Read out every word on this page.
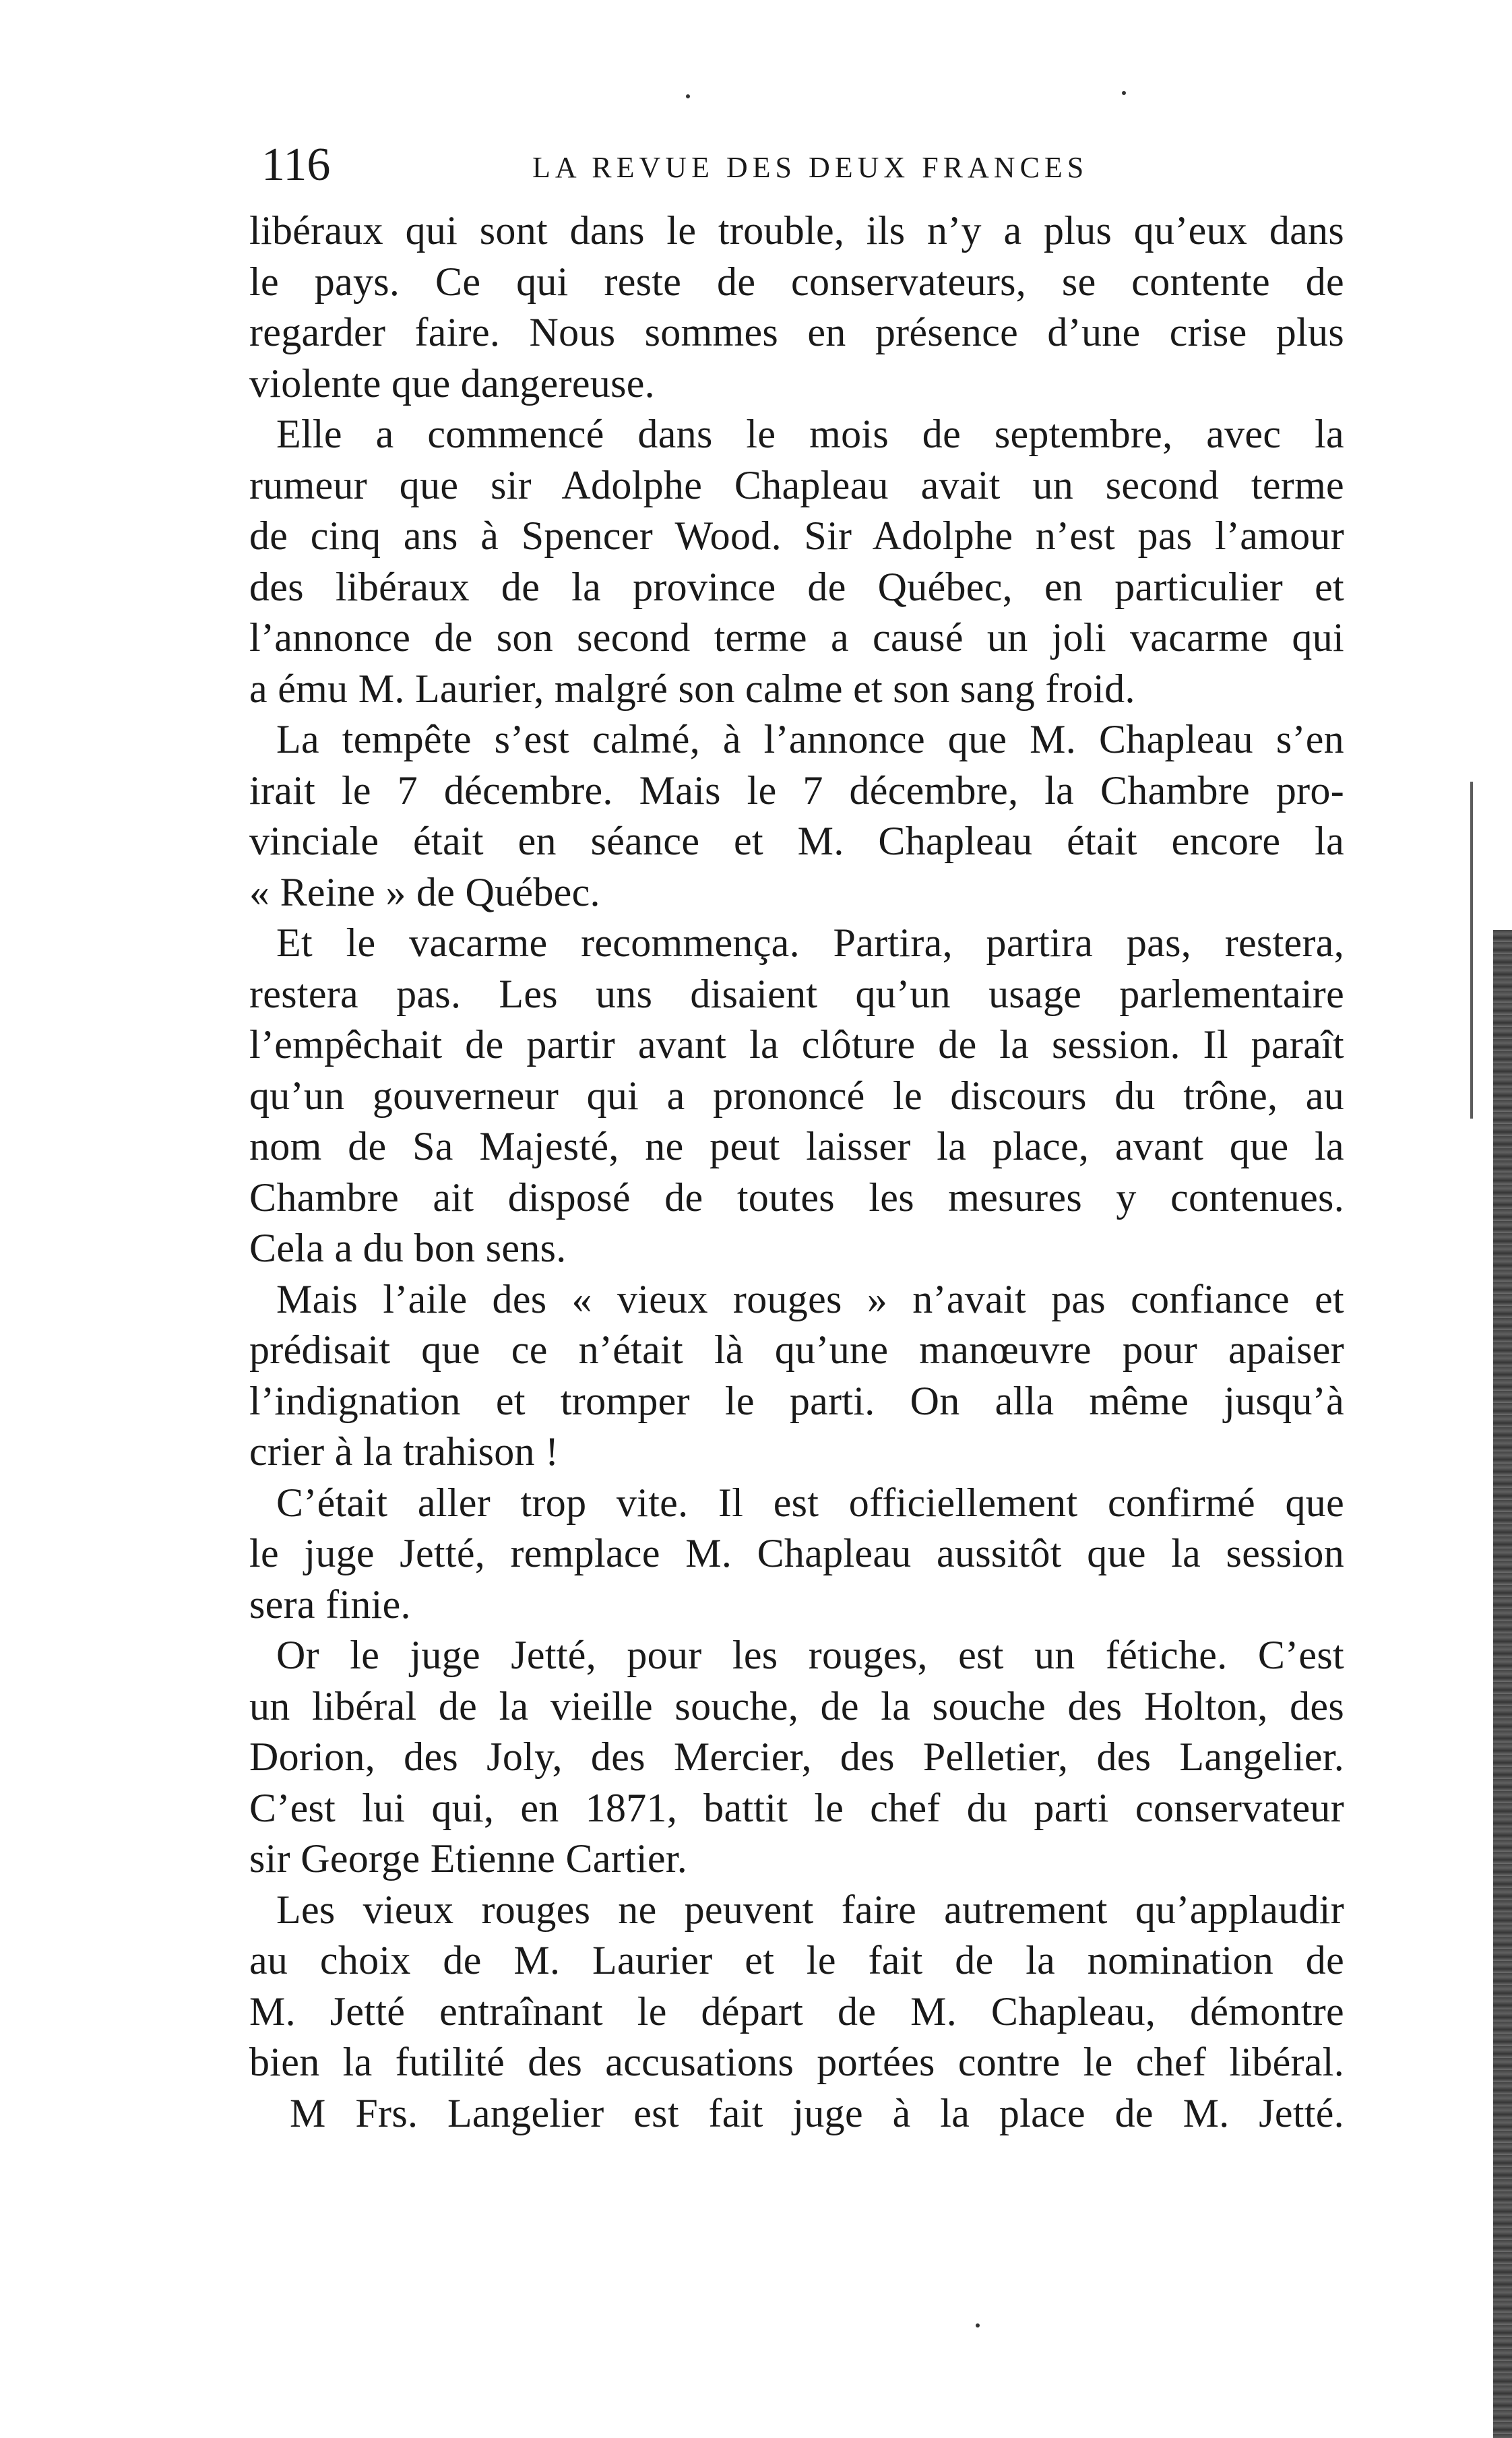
116	LA REVUE DES DEUX FRANCES

libéraux qui sont dans le trouble, ils n’y a plus qu’eux dans
le pays. Ce qui reste de conservateurs, se contente de
regarder faire. Nous sommes en présence d’une crise plus
violente que dangereuse.

Elle a commencé dans le mois de septembre, avec la
rumeur que sir Adolphe Chapleau avait un second terme
de cinq ans à Spencer Wood. Sir Adolphe n’est pas l’amour
des libéraux de la province de Québec, en particulier et
l’annonce de son second terme a causé un joli vacarme qui
a ému M. Laurier, malgré son calme et son sang froid.

La tempête s’est calmé, à l’annonce que M. Chapleau s’en
irait le 7 décembre. Mais le 7 décembre, la Chambre pro-
vinciale était en séance et M. Chapleau était encore la
« Reine » de Québec.

Et le vacarme recommença. Partira, partira pas, restera,
restera pas. Les uns disaient qu’un usage parlementaire
l’empêchait de partir avant la clôture de la session. Il paraît
qu’un gouverneur qui a prononcé le discours du trône, au
nom de Sa Majesté, ne peut laisser la place, avant que la
Chambre ait disposé de toutes les mesures y contenues.
Cela a du bon sens.

Mais l’aile des « vieux rouges » n’avait pas confiance et
prédisait que ce n’était là qu’une manœuvre pour apaiser
l’indignation et tromper le parti. On alla même jusqu’à
crier à la trahison !

C’était aller trop vite. Il est officiellement confirmé que
le juge Jetté, remplace M. Chapleau aussitôt que la session
sera finie.

Or le juge Jetté, pour les rouges, est un fétiche. C’est
un libéral de la vieille souche, de la souche des Holton, des
Dorion, des Joly, des Mercier, des Pelletier, des Langelier.
C’est lui qui, en 1871, battit le chef du parti conservateur
sir George Etienne Cartier.

Les vieux rouges ne peuvent faire autrement qu’applaudir
au choix de M. Laurier et le fait de la nomination de
M. Jetté entraînant le départ de M. Chapleau, démontre
bien la futilité des accusations portées contre le chef libéral.

M Frs. Langelier est fait juge à la place de M. Jetté.
